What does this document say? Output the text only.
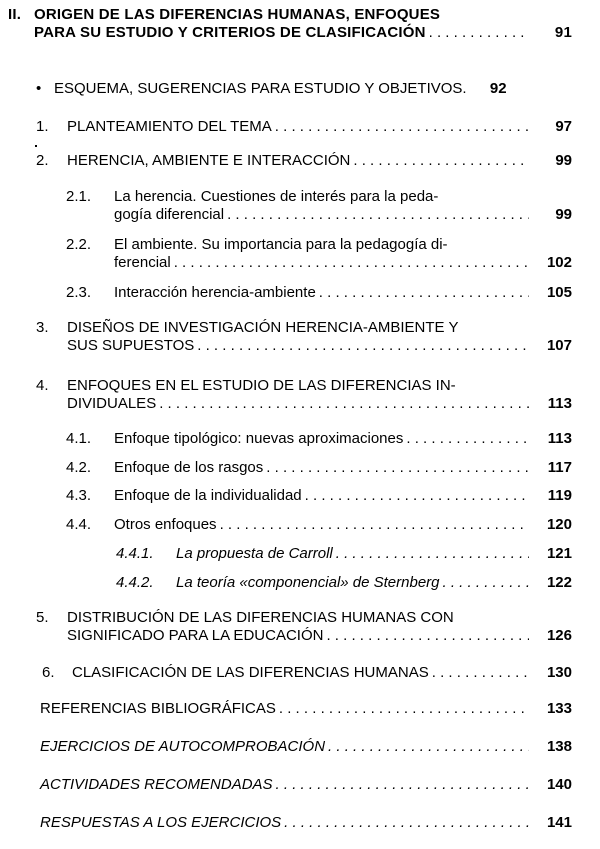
II. ORIGEN DE LAS DIFERENCIAS HUMANAS, ENFOQUES
PARA SU ESTUDIO Y CRITERIOS DE CLASIFICACIÓN . . .	91
• ESQUEMA, SUGERENCIAS PARA ESTUDIO Y OBJETIVOS.	92
1. PLANTEAMIENTO DEL TEMA . . .	97
2. HERENCIA, AMBIENTE E INTERACCIÓN . . .	99
2.1. La herencia. Cuestiones de interés para la peda-
gogía diferencial . . .	99
2.2. El ambiente. Su importancia para la pedagogía di-
ferencial . . .	102
2.3. Interacción herencia-ambiente . . .	105
3. DISEÑOS DE INVESTIGACIÓN HERENCIA-AMBIENTE Y
SUS SUPUESTOS . . .	107
4. ENFOQUES EN EL ESTUDIO DE LAS DIFERENCIAS IN-
DIVIDUALES . . .	113
4.1. Enfoque tipológico: nuevas aproximaciones . . .	113
4.2. Enfoque de los rasgos . . .	117
4.3. Enfoque de la individualidad . . .	119
4.4. Otros enfoques . . .	120
4.4.1. La propuesta de Carroll . . .	121
4.4.2. La teoría «componencial» de Sternberg . . .	122
5. DISTRIBUCIÓN DE LAS DIFERENCIAS HUMANAS CON
SIGNIFICADO PARA LA EDUCACIÓN . . .	126
6. CLASIFICACIÓN DE LAS DIFERENCIAS HUMANAS . . .	130
REFERENCIAS BIBLIOGRÁFICAS . . .	133
EJERCICIOS DE AUTOCOMPROBACIÓN . . .	138
ACTIVIDADES RECOMENDADAS . . .	140
RESPUESTAS A LOS EJERCICIOS . . .	141
